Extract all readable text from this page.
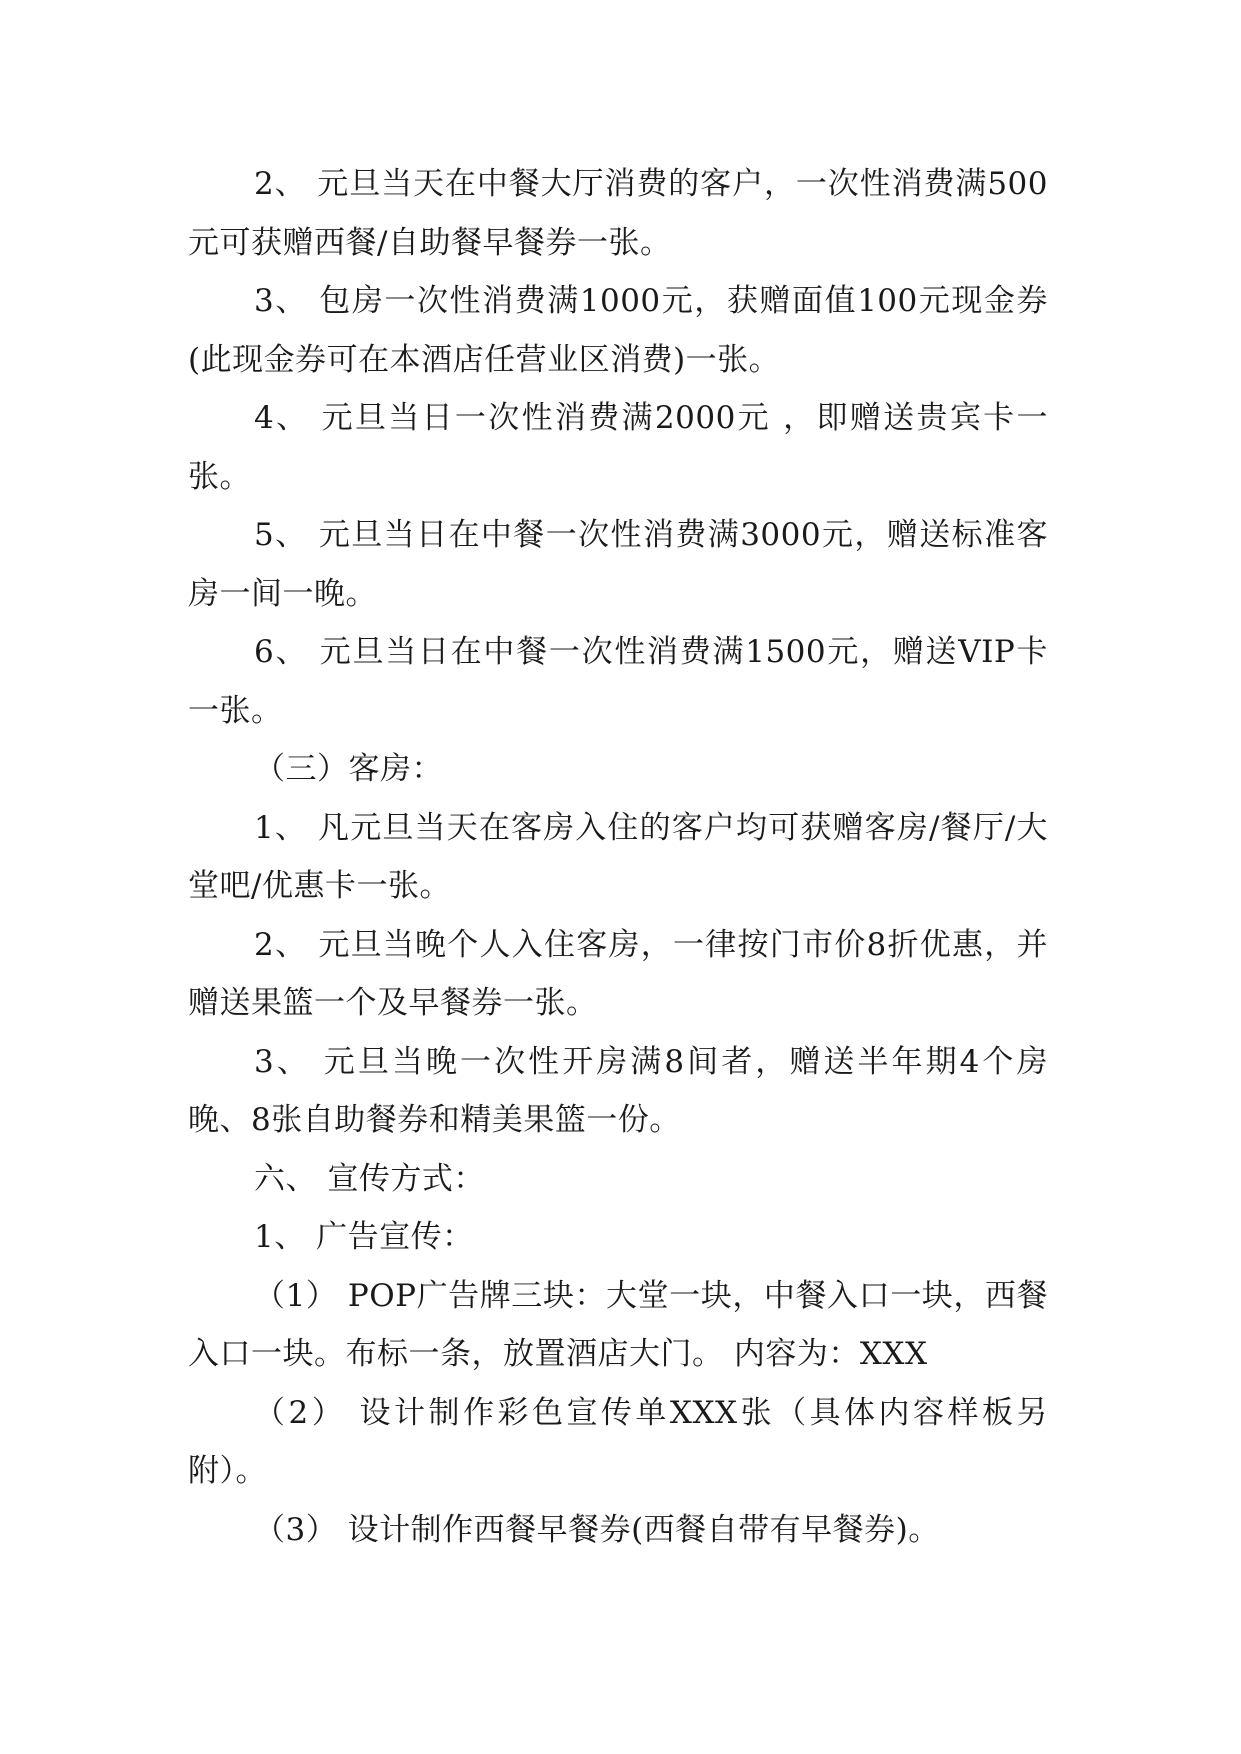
2、 元旦当天在中餐大厅消费的客户，一次性消费满500元可获赠西餐/自助餐早餐券一张。

3、 包房一次性消费满1000元，获赠面值100元现金券(此现金券可在本酒店任营业区消费)一张。

4、 元旦当日一次性消费满2000元 ，即赠送贵宾卡一张。

5、 元旦当日在中餐一次性消费满3000元，赠送标准客房一间一晚。

6、 元旦当日在中餐一次性消费满1500元，赠送VIP卡一张。

（三）客房：

1、 凡元旦当天在客房入住的客户均可获赠客房/餐厅/大堂吧/优惠卡一张。

2、 元旦当晚个人入住客房，一律按门市价8折优惠，并赠送果篮一个及早餐券一张。

3、 元旦当晚一次性开房满8间者，赠送半年期4个房晚、8张自助餐券和精美果篮一份。

六、 宣传方式：

1、 广告宣传：

（1） POP广告牌三块：大堂一块，中餐入口一块，西餐入口一块。布标一条，放置酒店大门。 内容为：XXX

（2） 设计制作彩色宣传单XXX张（具体内容样板另附）。

（3） 设计制作西餐早餐券(西餐自带有早餐券)。
